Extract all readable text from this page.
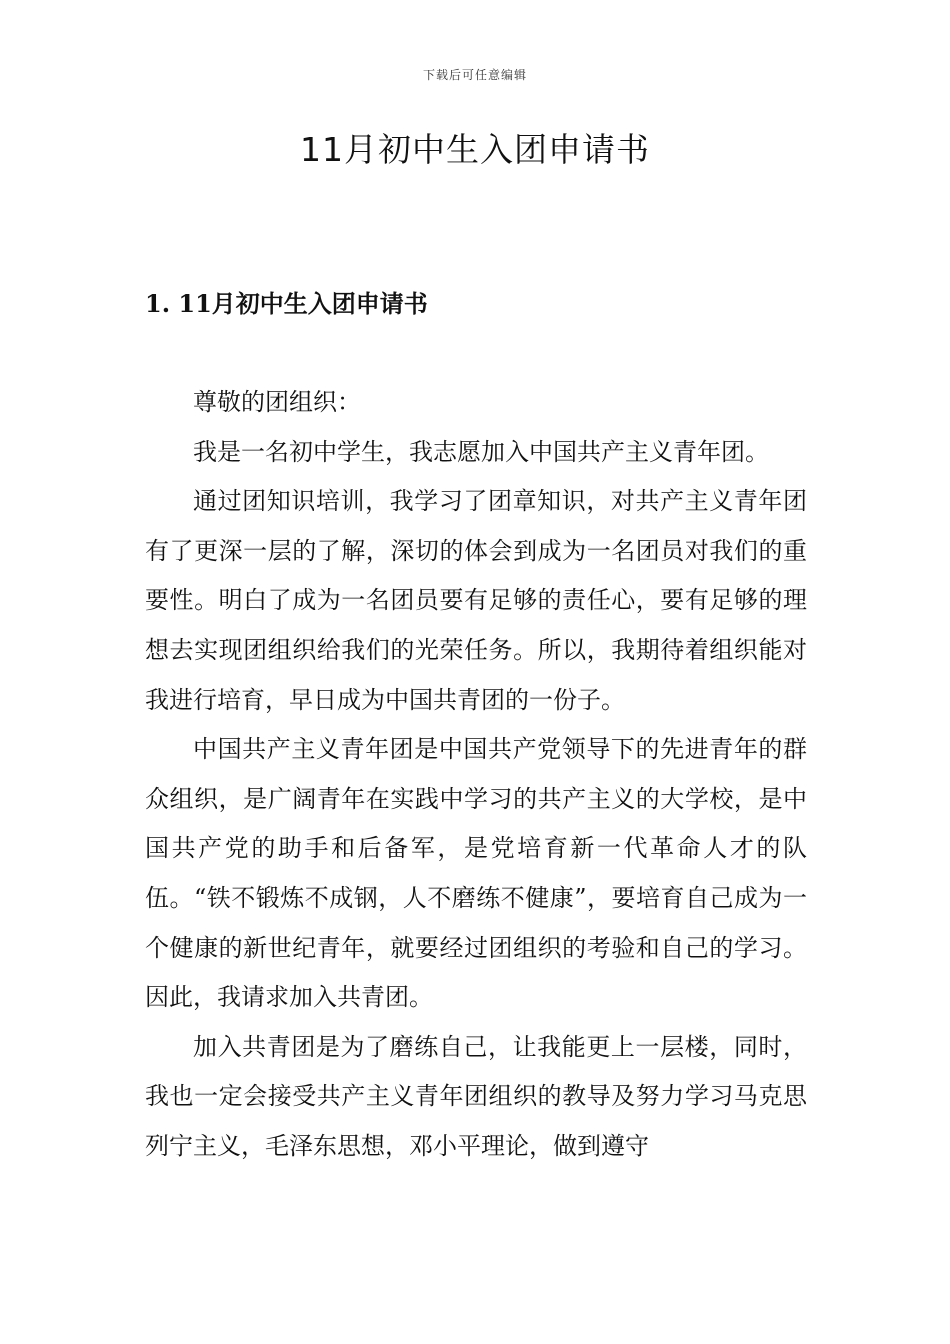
下载后可任意编辑
11月初中生入团申请书
1. 11月初中生入团申请书

尊敬的团组织：

我是一名初中学生，我志愿加入中国共产主义青年团。

通过团知识培训，我学习了团章知识，对共产主义青年团有了更深一层的了解，深切的体会到成为一名团员对我们的重要性。明白了成为一名团员要有足够的责任心，要有足够的理想去实现团组织给我们的光荣任务。所以，我期待着组织能对我进行培育，早日成为中国共青团的一份子。

中国共产主义青年团是中国共产党领导下的先进青年的群众组织，是广阔青年在实践中学习的共产主义的大学校，是中国共产党的助手和后备军，是党培育新一代革命人才的队伍。“铁不锻炼不成钢，人不磨练不健康”，要培育自己成为一个健康的新世纪青年，就要经过团组织的考验和自己的学习。因此，我请求加入共青团。

加入共青团是为了磨练自己，让我能更上一层楼，同时，我也一定会接受共产主义青年团组织的教导及努力学习马克思列宁主义，毛泽东思想，邓小平理论，做到遵守
